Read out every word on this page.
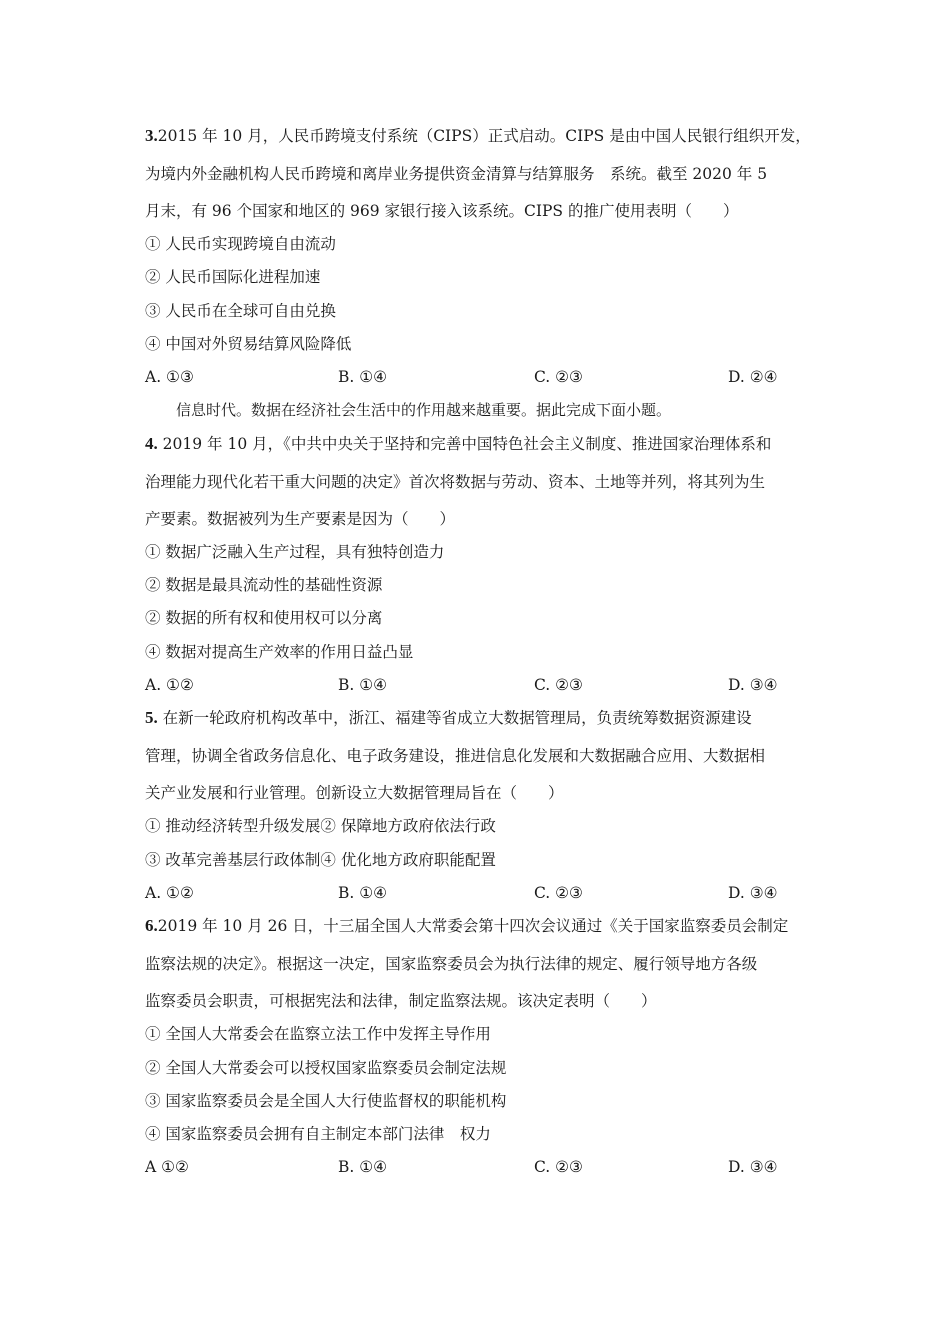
3.2015 年 10 月，人民币跨境支付系统（CIPS）正式启动。CIPS 是由中国人民银行组织开发，
为境内外金融机构人民币跨境和离岸业务提供资金清算与结算服务　系统。截至 2020 年 5
月末，有 96 个国家和地区的 969 家银行接入该系统。CIPS 的推广使用表明（　　）
① 人民币实现跨境自由流动
② 人民币国际化进程加速
③ 人民币在全球可自由兑换
④ 中国对外贸易结算风险降低
A. ①③	B. ①④	C. ②③	D. ②④
信息时代。数据在经济社会生活中的作用越来越重要。据此完成下面小题。
4. 2019 年 10 月，《中共中央关于坚持和完善中国特色社会主义制度、推进国家治理体系和
治理能力现代化若干重大问题的决定》首次将数据与劳动、资本、土地等并列，将其列为生
产要素。数据被列为生产要素是因为（　　）
① 数据广泛融入生产过程，具有独特创造力
② 数据是最具流动性的基础性资源
② 数据的所有权和使用权可以分离
④ 数据对提高生产效率的作用日益凸显
A. ①②	B. ①④	C. ②③	D. ③④
5. 在新一轮政府机构改革中，浙江、福建等省成立大数据管理局，负责统筹数据资源建设
管理，协调全省政务信息化、电子政务建设，推进信息化发展和大数据融合应用、大数据相
关产业发展和行业管理。创新设立大数据管理局旨在（　　）
① 推动经济转型升级发展② 保障地方政府依法行政
③ 改革完善基层行政体制④ 优化地方政府职能配置
A. ①②	B. ①④	C. ②③	D. ③④
6.2019 年 10 月 26 日，十三届全国人大常委会第十四次会议通过《关于国家监察委员会制定
监察法规的决定》。根据这一决定，国家监察委员会为执行法律的规定、履行领导地方各级
监察委员会职责，可根据宪法和法律，制定监察法规。该决定表明（　　）
① 全国人大常委会在监察立法工作中发挥主导作用
② 全国人大常委会可以授权国家监察委员会制定法规
③ 国家监察委员会是全国人大行使监督权的职能机构
④ 国家监察委员会拥有自主制定本部门法律　权力
A ①②	B. ①④	C. ②③	D. ③④
